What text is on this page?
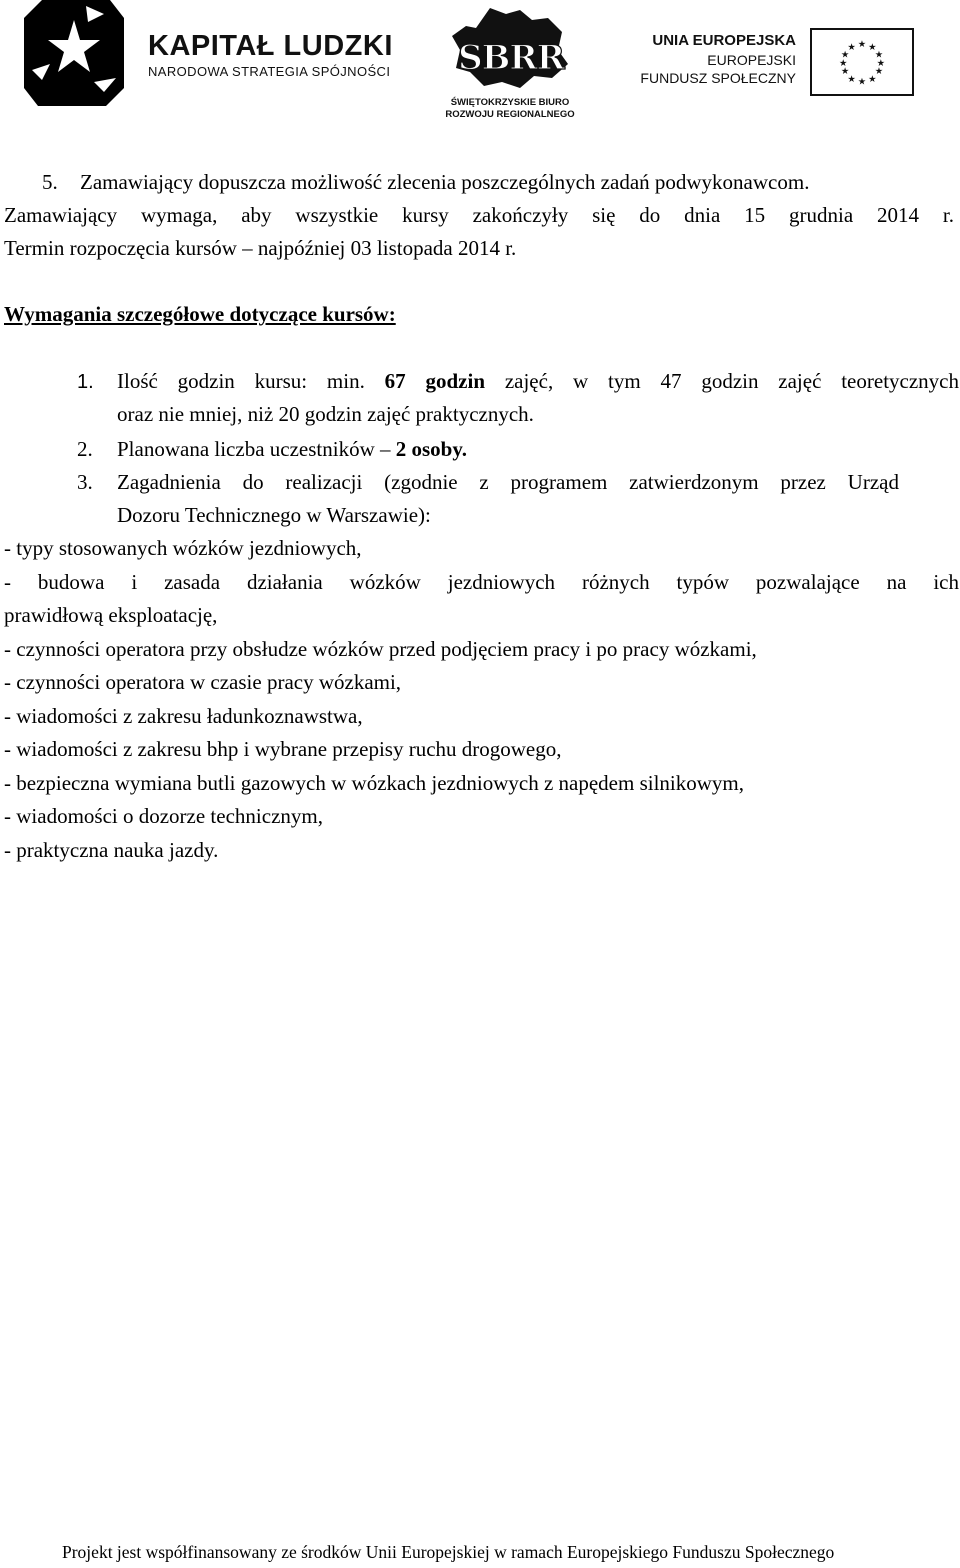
KAPITAŁ LUDZKI
NARODOWA STRATEGIA SPÓJNOŚCI SBRR
ŚWIĘTOKRZYSKIE BIURO
ROZWOJU REGIONALNEGO
UNIA EUROPEJSKA
EUROPEJSKI
FUNDUSZ SPOŁECZNY
★ ★
★
★
★
★
★
★
★
★
★
★
5. Zamawiający dopuszcza możliwość zlecenia poszczególnych zadań podwykonawcom.
Zamawiający wymaga, aby wszystkie kursy zakończyły się do dnia 15 grudnia 2014 r.
Termin rozpoczęcia kursów – najpóźniej 03 listopada 2014 r.
Wymagania szczegółowe dotyczące kursów:
1. Ilość godzin kursu: min. 67 godzin zajęć, w tym 47 godzin zajęć teoretycznych
oraz nie mniej, niż 20 godzin zajęć praktycznych.
2. Planowana liczba uczestników – 2 osoby.
3. Zagadnienia do realizacji (zgodnie z programem zatwierdzonym przez Urząd
Dozoru Technicznego w Warszawie):
- typy stosowanych wózków jezdniowych,
- budowa i zasada działania wózków jezdniowych różnych typów pozwalające na ich
prawidłową eksploatację,
- czynności operatora przy obsłudze wózków przed podjęciem pracy i po pracy wózkami,
- czynności operatora w czasie pracy wózkami,
- wiadomości z zakresu ładunkoznawstwa,
- wiadomości z zakresu bhp i wybrane przepisy ruchu drogowego,
- bezpieczna wymiana butli gazowych w wózkach jezdniowych z napędem silnikowym,
- wiadomości o dozorze technicznym,
- praktyczna nauka jazdy.
Projekt jest współfinansowany ze środków Unii Europejskiej w ramach Europejskiego Funduszu Społecznego
